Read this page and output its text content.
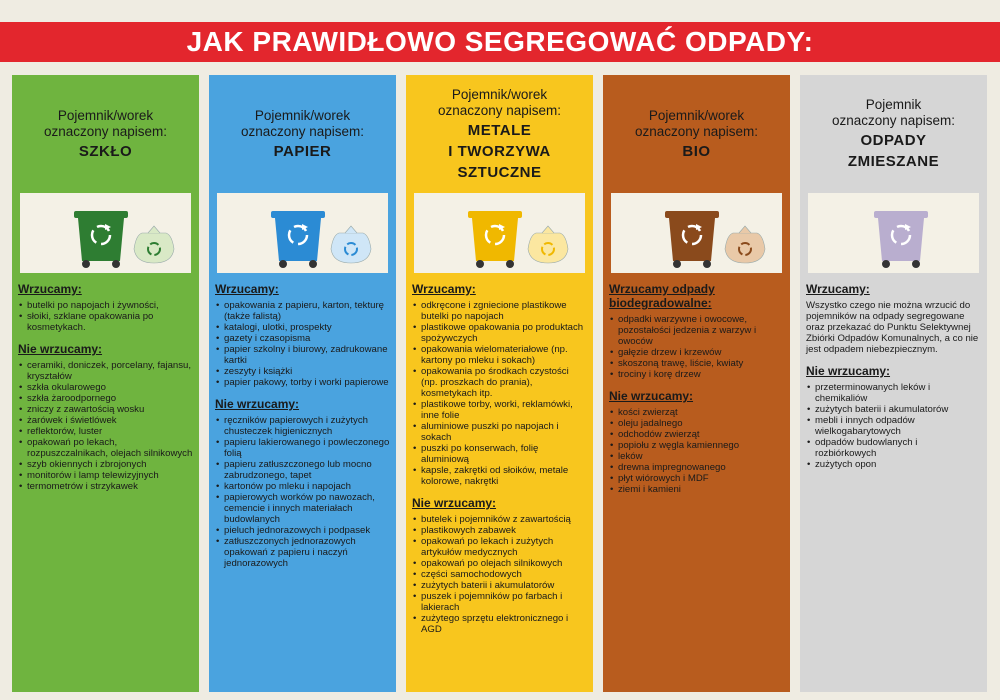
JAK PRAWIDŁOWO SEGREGOWAĆ ODPADY:
Pojemnik/worek
oznaczony napisem:
SZKŁO
Wrzucamy:
• butelki po napojach i żywności,
• słoiki, szklane opakowania po kosmetykach.
Nie wrzucamy:
• ceramiki, doniczek, porcelany, fajansu, kryształów
• szkła okularowego
• szkła żaroodpornego
• zniczy z zawartością wosku
• żarówek i świetlówek
• reflektorów, luster
• opakowań po lekach, rozpuszczalnikach, olejach silnikowych
• szyb okiennych i zbrojonych
• monitorów i lamp telewizyjnych
• termometrów i strzykawek
Pojemnik/worek
oznaczony napisem:
PAPIER
Wrzucamy:
• opakowania z papieru, karton, tekturę (także falistą)
• katalogi, ulotki, prospekty
• gazety i czasopisma
• papier szkolny i biurowy, zadrukowane kartki
• zeszyty i książki
• papier pakowy, torby i worki papierowe
Nie wrzucamy:
• ręczników papierowych i zużytych chusteczek higienicznych
• papieru lakierowanego i powleczonego folią
• papieru zatłuszczonego lub mocno zabrudzonego, tapet
• kartonów po mleku i napojach
• papierowych worków po nawozach, cemencie i innych materiałach budowlanych
• pieluch jednorazowych i podpasek
• zatłuszczonych jednorazowych opakowań z papieru i naczyń jednorazowych
Pojemnik/worek
oznaczony napisem:
METALE
I TWORZYWA
SZTUCZNE
Wrzucamy:
• odkręcone i zgniecione plastikowe butelki po napojach
• plastikowe opakowania po produktach spożywczych
• opakowania wielomateriałowe (np. kartony po mleku i sokach)
• opakowania po środkach czystości (np. proszkach do prania), kosmetykach itp.
• plastikowe torby, worki, reklamówki, inne folie
• aluminiowe puszki po napojach i sokach
• puszki po konserwach, folię aluminiową
• kapsle, zakrętki od słoików, metale kolorowe, nakrętki
Nie wrzucamy:
• butelek i pojemników z zawartością
• plastikowych zabawek
• opakowań po lekach i zużytych artykułów medycznych
• opakowań po olejach silnikowych
• części samochodowych
• zużytych baterii i akumulatorów
• puszek i pojemników po farbach i lakierach
• zużytego sprzętu elektronicznego i AGD
Pojemnik/worek
oznaczony napisem:
BIO
Wrzucamy odpady biodegradowalne:
• odpadki warzywne i owocowe, pozostałości jedzenia z warzyw i owoców
• gałęzie drzew i krzewów
• skoszoną trawę, liście, kwiaty
• trociny i korę drzew
Nie wrzucamy:
• kości zwierząt
• oleju jadalnego
• odchodów zwierząt
• popiołu z węgla kamiennego
• leków
• drewna impregnowanego
• płyt wiórowych i MDF
• ziemi i kamieni
Pojemnik
oznaczony napisem:
ODPADY
ZMIESZANE
Wrzucamy:
Wszystko czego nie można wrzucić do pojemników na odpady segregowane oraz przekazać do Punktu Selektywnej Zbiórki Odpadów Komunalnych, a co nie jest odpadem niebezpiecznym.
Nie wrzucamy:
• przeterminowanych leków i chemikaliów
• zużytych baterii i akumulatorów
• mebli i innych odpadów wielkogabarytowych
• odpadów budowlanych i rozbiórkowych
• zużytych opon
